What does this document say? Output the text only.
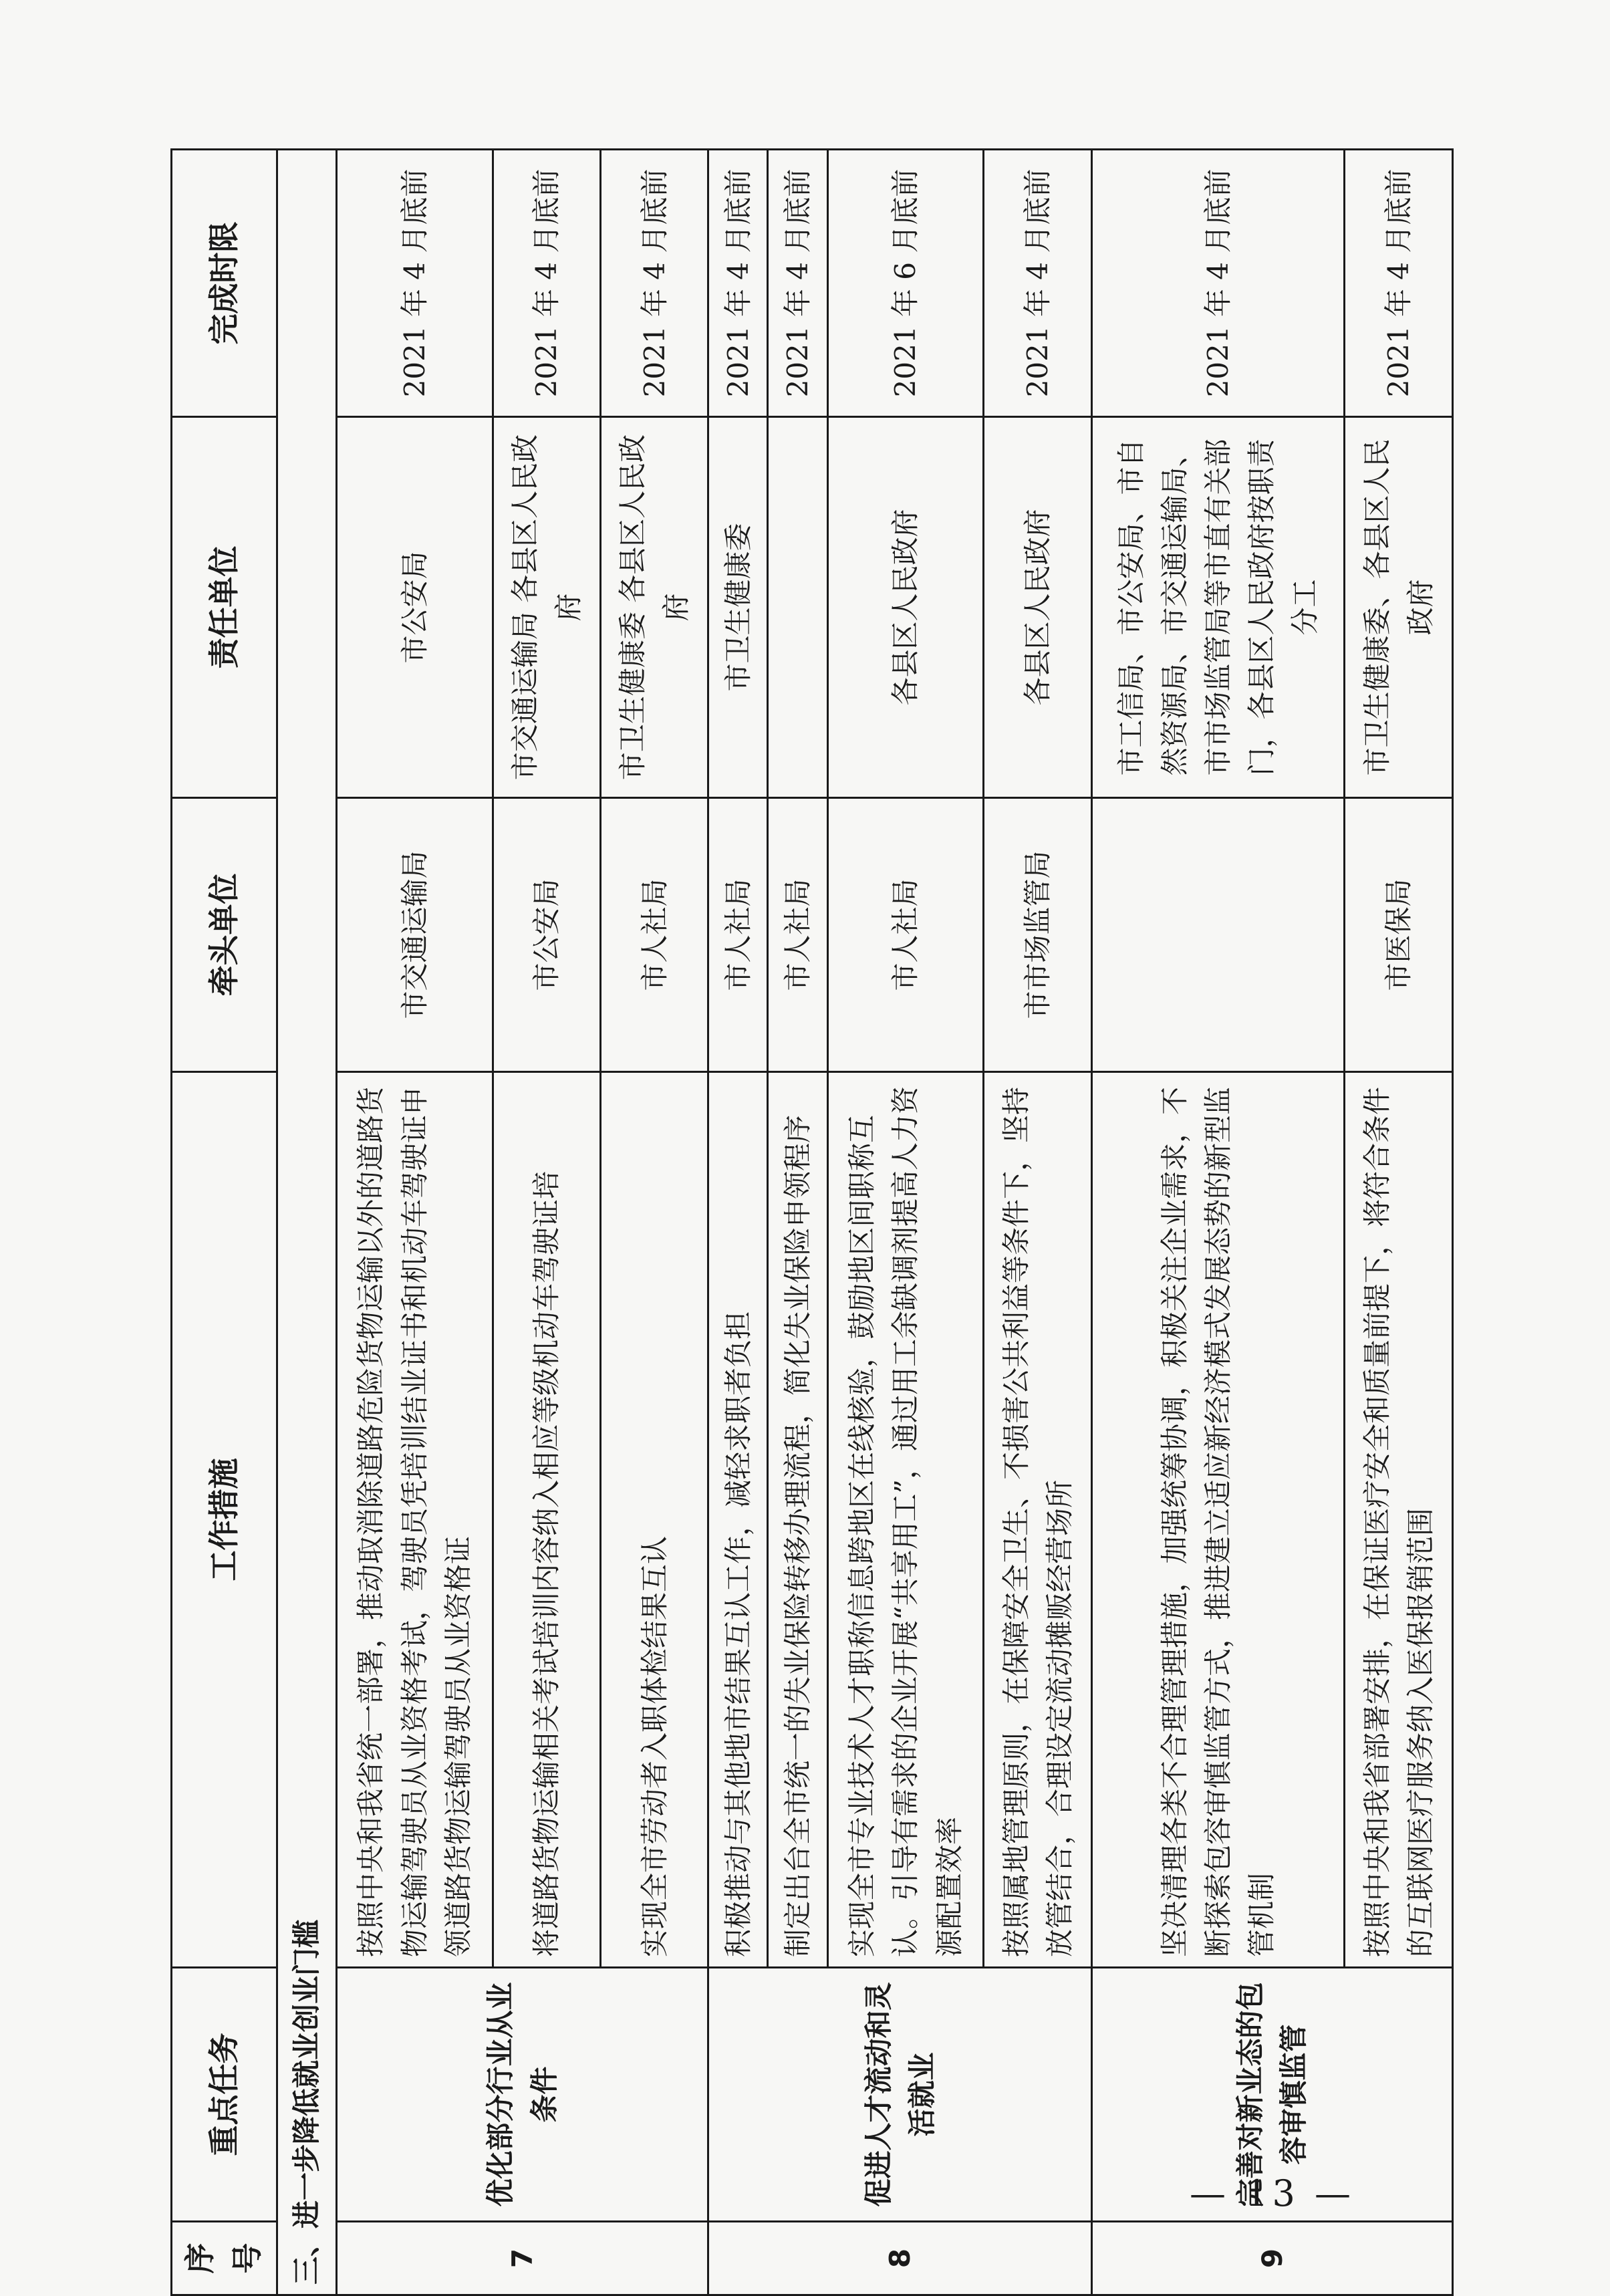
序号	重点任务	工作措施	牵头单位	责任单位	完成时限
三、进一步降低就业创业门槛					
7	优化部分行业从业条件	按照中央和我省统一部署，推动取消除道路危险货物运输以外的道路货物运输驾驶员从业资格考试，驾驶员凭培训结业证书和机动车驾驶证申领道路货物运输驾驶员从业资格证	市交通运输局	市公安局	2021 年 4 月底前
		将道路货物运输相关考试培训内容纳入相应等级机动车驾驶证培	市公安局	市交通运输局 各县区人民政府	2021 年 4 月底前
		实现全市劳动者入职体检结果互认	市人社局	市卫生健康委 各县区人民政府	2021 年 4 月底前
8	促进人才流动和灵活就业	积极推动与其他地市结果互认工作，减轻求职者负担	市人社局	市卫生健康委	2021 年 4 月底前
		制定出台全市统一的失业保险转移办理流程，简化失业保险申领程序	市人社局		2021 年 4 月底前
		实现全市专业技术人才职称信息跨地区在线核验，鼓励地区间职称互认。引导有需求的企业开展“共享用工”，通过用工余缺调剂提高人力资源配置效率	市人社局	各县区人民政府	2021 年 6 月底前
		按照属地管理原则，在保障安全卫生、不损害公共利益等条件下，坚持放管结合，合理设定流动摊贩经营场所	市市场监管局	各县区人民政府	2021 年 4 月底前
9	完善对新业态的包容审慎监管	坚决清理各类不合理管理措施，加强统筹协调，积极关注企业需求，不断探索包容审慎监管方式，推进建立适应新经济模式发展态势的新型监管机制		市工信局、市公安局、市自然资源局、市交通运输局、市市场监管局等市直有关部门，各县区人民政府按职责分工	2021 年 4 月底前
		按照中央和我省部署安排，在保证医疗安全和质量前提下，将符合条件的互联网医疗服务纳入医保报销范围	市医保局	市卫生健康委、各县区人民政府	2021 年 4 月底前
— 13 —
